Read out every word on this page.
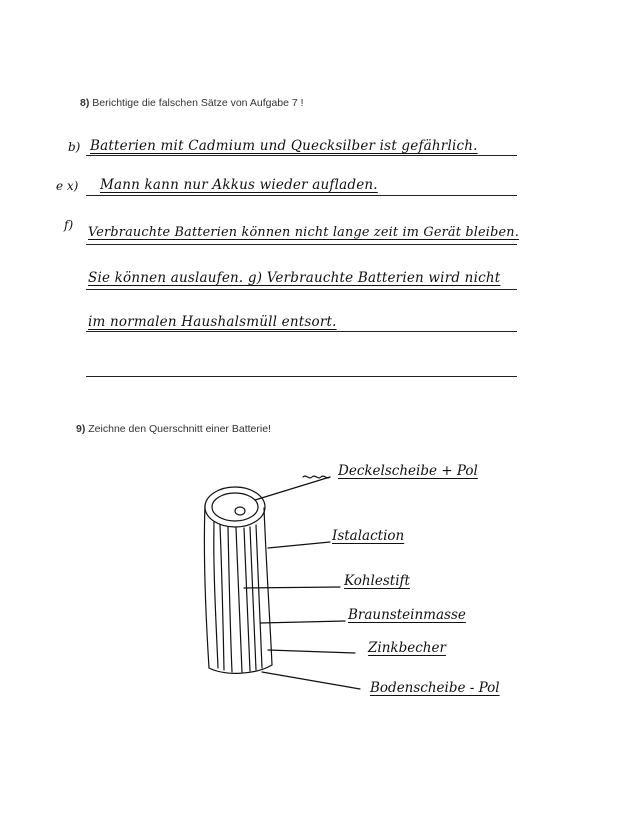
8) Berichtige die falschen Sätze von Aufgabe 7 !
b) Batterien mit Cadmium und Quecksilber ist gefährlich.
e x) Mann kann nur Akkus wieder aufladen.
f) Verbrauchte Batterien können nicht lange zeit im Gerät bleiben.
Sie können auslaufen. g) Verbrauchte Batterien wird nicht
im normalen Haushalsmüll entsort.
9) Zeichne den Querschnitt einer Batterie!
Deckelscheibe + Pol
Istalaction
Kohlestift
Braunsteinmasse
Zinkbecher
Bodenscheibe - Pol
